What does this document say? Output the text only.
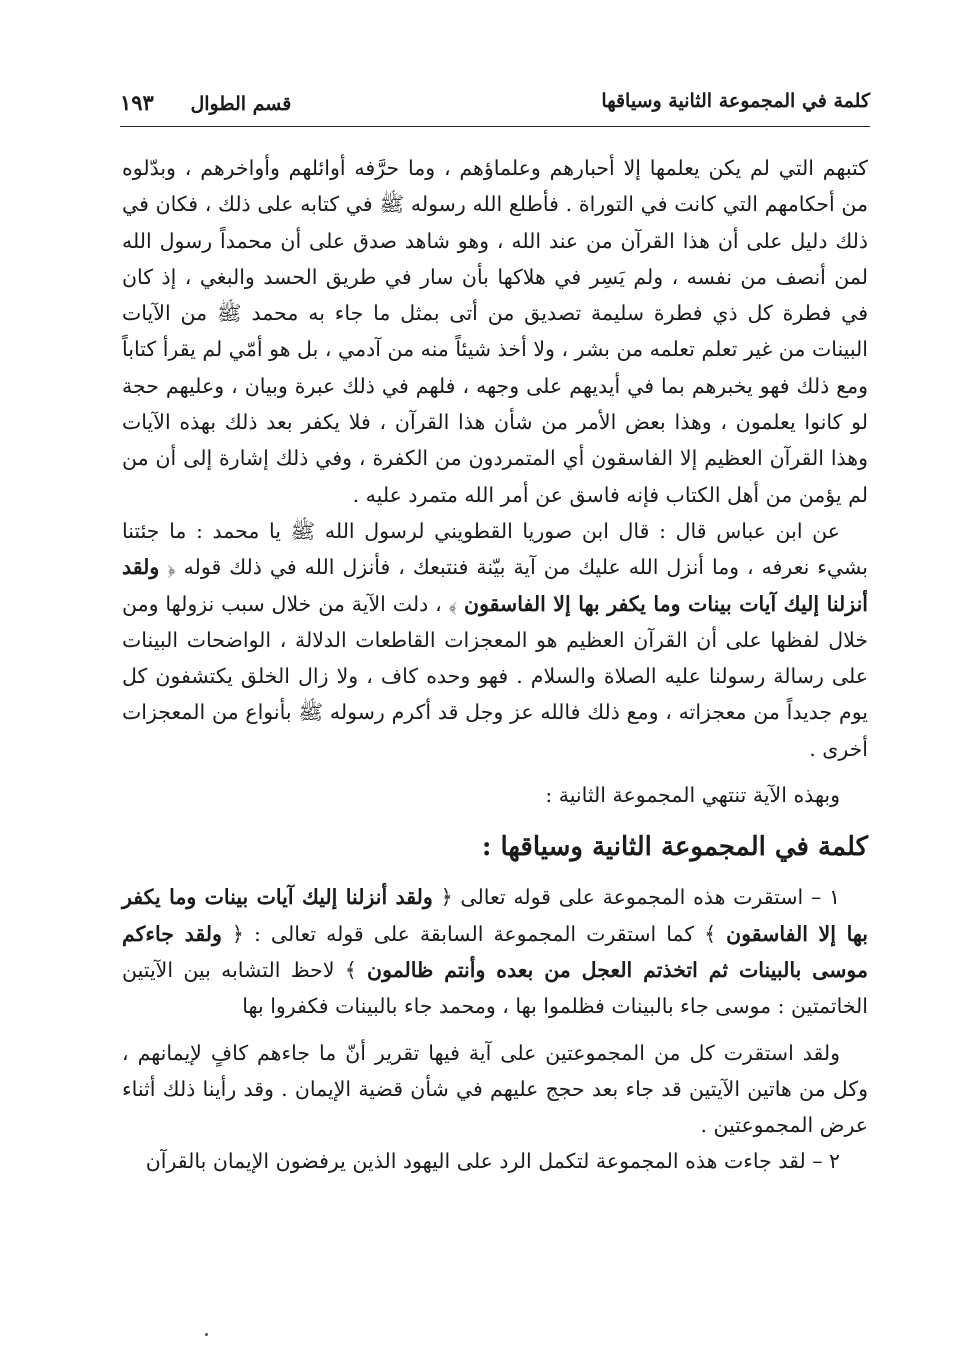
كلمة في المجموعة الثانية وسياقها
قسم الطوال ١٩٣

كتبهم التي لم يكن يعلمها إلا أحبارهم وعلماؤهم ، وما حرَّفه أوائلهم وأواخرهم ، وبدّلوه من أحكامهم التي كانت في التوراة . فأطلع الله رسوله ﷺ في كتابه على ذلك ، فكان في ذلك دليل على أن هذا القرآن من عند الله ، وهو شاهد صدق على أن محمداً رسول الله لمن أنصف من نفسه ، ولم يَسِر في هلاكها بأن سار في طريق الحسد والبغي ، إذ كان في فطرة كل ذي فطرة سليمة تصديق من أتى بمثل ما جاء به محمد ﷺ من الآيات البينات من غير تعلم تعلمه من بشر ، ولا أخذ شيئاً منه من آدمي ، بل هو أمّي لم يقرأ كتاباً ومع ذلك فهو يخبرهم بما في أيديهم على وجهه ، فلهم في ذلك عبرة وبيان ، وعليهم حجة لو كانوا يعلمون ، وهذا بعض الأمر من شأن هذا القرآن ، فلا يكفر بعد ذلك بهذه الآيات وهذا القرآن العظيم إلا الفاسقون أي المتمردون من الكفرة ، وفي ذلك إشارة إلى أن من لم يؤمن من أهل الكتاب فإنه فاسق عن أمر الله متمرد عليه .

عن ابن عباس قال : قال ابن صوريا القطويني لرسول الله ﷺ يا محمد : ما جئتنا بشيء نعرفه ، وما أنزل الله عليك من آية بيّنة فنتبعك ، فأنزل الله في ذلك قوله ﴿ ولقد أنزلنا إليك آيات بينات وما يكفر بها إلا الفاسقون ﴾ ، دلت الآية من خلال سبب نزولها ومن خلال لفظها على أن القرآن العظيم هو المعجزات القاطعات الدلالة ، الواضحات البينات على رسالة رسولنا عليه الصلاة والسلام . فهو وحده كاف ، ولا زال الخلق يكتشفون كل يوم جديداً من معجزاته ، ومع ذلك فالله عز وجل قد أكرم رسوله ﷺ بأنواع من المعجزات أخرى .

وبهذه الآية تنتهي المجموعة الثانية :

كلمة في المجموعة الثانية وسياقها :

١ – استقرت هذه المجموعة على قوله تعالى ﴿ ولقد أنزلنا إليك آيات بينات وما يكفر بها إلا الفاسقون ﴾ كما استقرت المجموعة السابقة على قوله تعالى : ﴿ ولقد جاءكم موسى بالبينات ثم اتخذتم العجل من بعده وأنتم ظالمون ﴾ لاحظ التشابه بين الآيتين الخاتمتين : موسى جاء بالبينات فظلموا بها ، ومحمد جاء بالبينات فكفروا بها

ولقد استقرت كل من المجموعتين على آية فيها تقرير أنّ ما جاءهم كافٍ لإيمانهم ، وكل من هاتين الآيتين قد جاء بعد حجج عليهم في شأن قضية الإيمان . وقد رأينا ذلك أثناء عرض المجموعتين .

٢ – لقد جاءت هذه المجموعة لتكمل الرد على اليهود الذين يرفضون الإيمان بالقرآن
